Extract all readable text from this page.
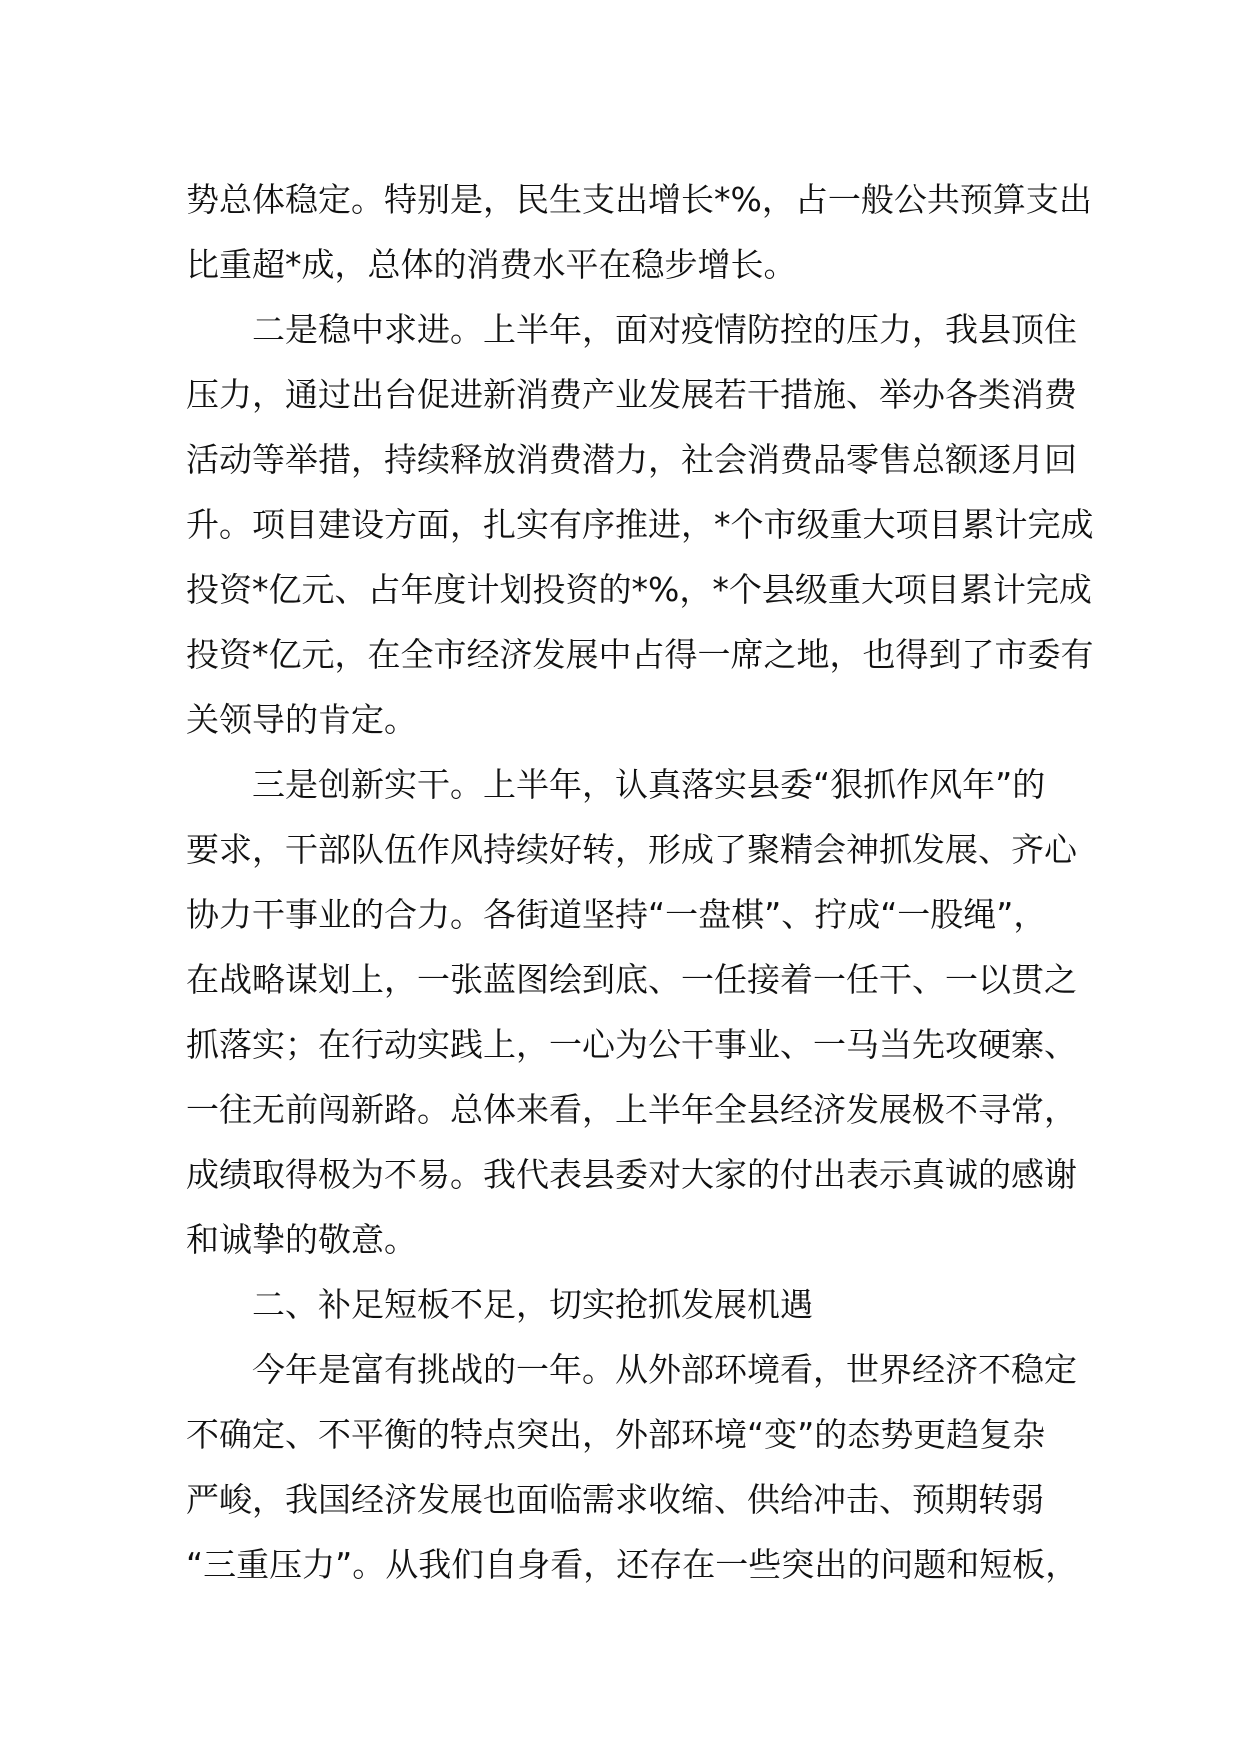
势总体稳定。特别是，民生支出增长*%，占一般公共预算支出
比重超*成，总体的消费水平在稳步增长。
二是稳中求进。上半年，面对疫情防控的压力，我县顶住
压力，通过出台促进新消费产业发展若干措施、举办各类消费
活动等举措，持续释放消费潜力，社会消费品零售总额逐月回
升。项目建设方面，扎实有序推进，*个市级重大项目累计完成
投资*亿元、占年度计划投资的*%，*个县级重大项目累计完成
投资*亿元，在全市经济发展中占得一席之地，也得到了市委有
关领导的肯定。
三是创新实干。上半年，认真落实县委“狠抓作风年”的
要求，干部队伍作风持续好转，形成了聚精会神抓发展、齐心
协力干事业的合力。各街道坚持“一盘棋”、拧成“一股绳”，
在战略谋划上，一张蓝图绘到底、一任接着一任干、一以贯之
抓落实；在行动实践上，一心为公干事业、一马当先攻硬寨、
一往无前闯新路。总体来看，上半年全县经济发展极不寻常，
成绩取得极为不易。我代表县委对大家的付出表示真诚的感谢
和诚挚的敬意。
二、补足短板不足，切实抢抓发展机遇
今年是富有挑战的一年。从外部环境看，世界经济不稳定
不确定、不平衡的特点突出，外部环境“变”的态势更趋复杂
严峻，我国经济发展也面临需求收缩、供给冲击、预期转弱
“三重压力”。从我们自身看，还存在一些突出的问题和短板，
